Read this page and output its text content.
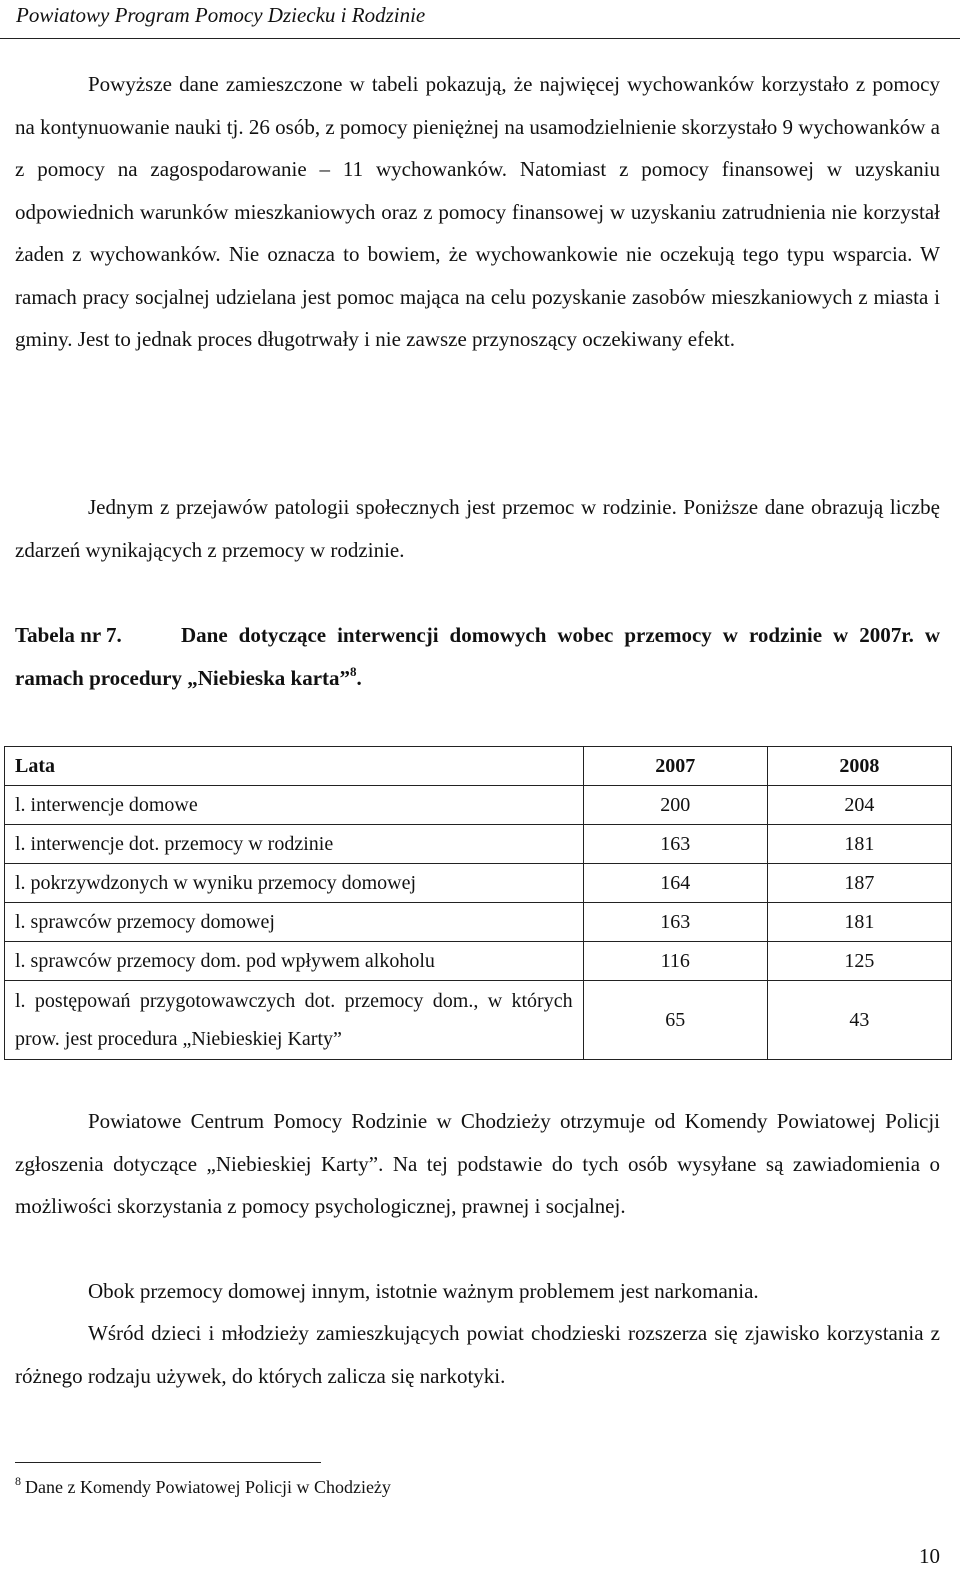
Powiatowy Program Pomocy Dziecku i Rodzinie

Powyższe dane zamieszczone w tabeli pokazują, że najwięcej wychowanków korzystało z pomocy na kontynuowanie nauki tj. 26 osób, z pomocy pieniężnej na usamodzielnienie skorzystało 9 wychowanków a z pomocy na zagospodarowanie – 11 wychowanków. Natomiast z pomocy finansowej w uzyskaniu odpowiednich warunków mieszkaniowych oraz z pomocy finansowej w uzyskaniu zatrudnienia nie korzystał żaden z wychowanków. Nie oznacza to bowiem, że wychowankowie nie oczekują tego typu wsparcia. W ramach pracy socjalnej udzielana jest pomoc mająca na celu pozyskanie zasobów mieszkaniowych z miasta i gminy. Jest to jednak proces długotrwały i nie zawsze przynoszący oczekiwany efekt.

Jednym z przejawów patologii społecznych jest przemoc w rodzinie. Poniższe dane obrazują liczbę zdarzeń wynikających z przemocy w rodzinie.

Tabela nr 7.	Dane dotyczące interwencji domowych wobec przemocy w rodzinie w 2007r. w ramach procedury „Niebieska karta”$^8$.

Lata	2007	2008
l. interwencje domowe	200	204
l. interwencje dot. przemocy w rodzinie	163	181
l. pokrzywdzonych w wyniku przemocy domowej	164	187
l. sprawców przemocy domowej	163	181
l. sprawców przemocy dom. pod wpływem alkoholu	116	125
l. postępowań przygotowawczych dot. przemocy dom., w których prow. jest procedura „Niebieskiej Karty”	65	43

Powiatowe Centrum Pomocy Rodzinie w Chodzieży otrzymuje od Komendy Powiatowej Policji zgłoszenia dotyczące „Niebieskiej Karty”. Na tej podstawie do tych osób wysyłane są zawiadomienia o możliwości skorzystania z pomocy psychologicznej, prawnej i socjalnej.

Obok przemocy domowej innym, istotnie ważnym problemem jest narkomania.

Wśród dzieci i młodzieży zamieszkujących powiat chodzieski rozszerza się zjawisko korzystania z różnego rodzaju używek, do których zalicza się narkotyki.

$^8$ Dane z Komendy Powiatowej Policji w Chodzieży
10
